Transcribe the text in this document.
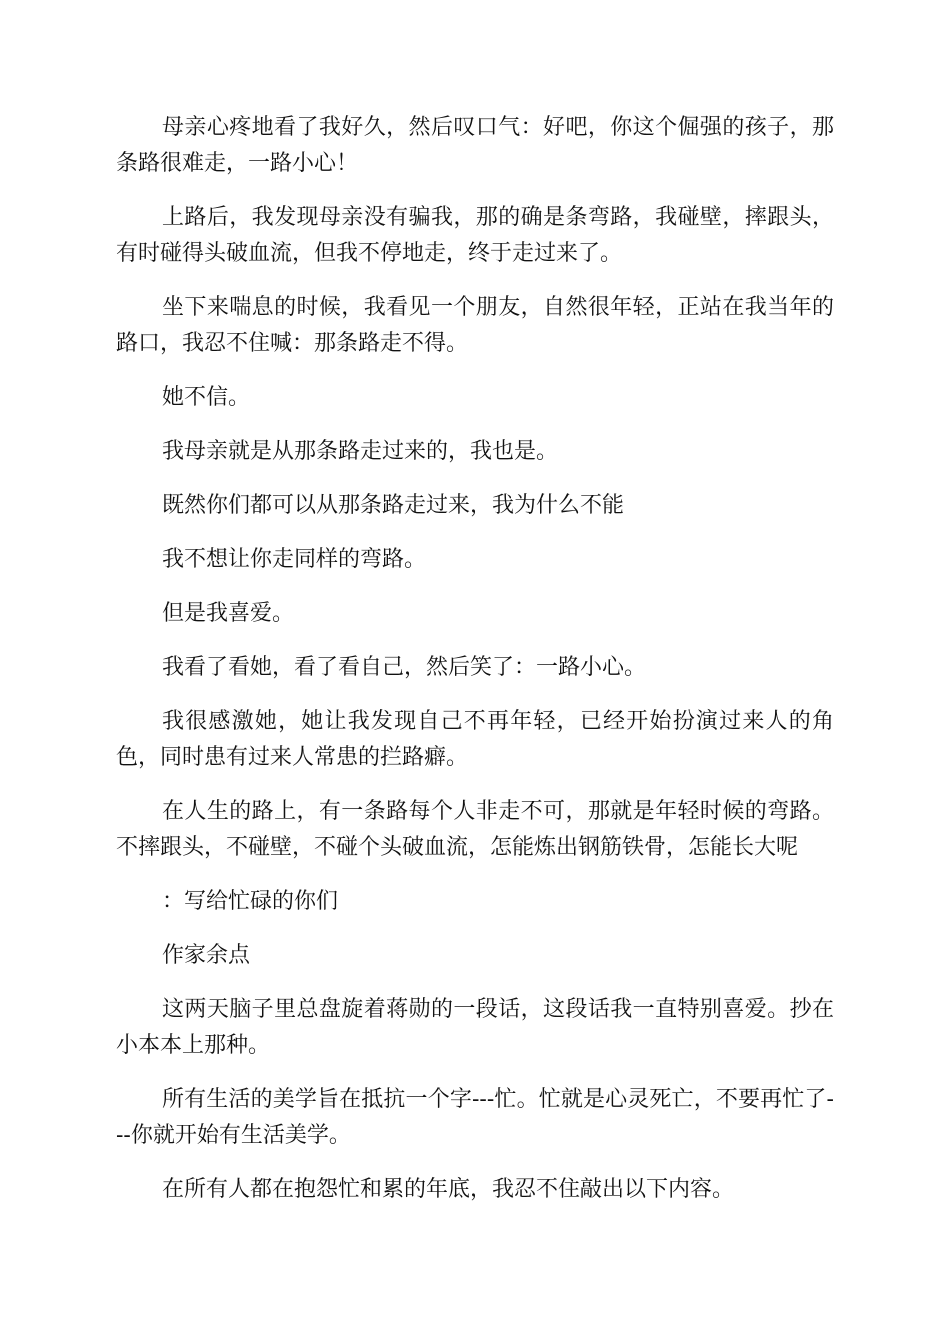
母亲心疼地看了我好久，然后叹口气：好吧，你这个倔强的孩子，那条路很难走，一路小心！

上路后，我发现母亲没有骗我，那的确是条弯路，我碰壁，摔跟头，有时碰得头破血流，但我不停地走，终于走过来了。

坐下来喘息的时候，我看见一个朋友，自然很年轻，正站在我当年的路口，我忍不住喊：那条路走不得。

她不信。

我母亲就是从那条路走过来的，我也是。

既然你们都可以从那条路走过来，我为什么不能

我不想让你走同样的弯路。

但是我喜爱。

我看了看她，看了看自己，然后笑了：一路小心。

我很感激她，她让我发现自己不再年轻，已经开始扮演过来人的角色，同时患有过来人常患的拦路癖。

在人生的路上，有一条路每个人非走不可，那就是年轻时候的弯路。不摔跟头，不碰壁，不碰个头破血流，怎能炼出钢筋铁骨，怎能长大呢

：写给忙碌的你们

作家余点

这两天脑子里总盘旋着蒋勋的一段话，这段话我一直特别喜爱。抄在小本本上那种。

所有生活的美学旨在抵抗一个字---忙。忙就是心灵死亡，不要再忙了---你就开始有生活美学。

在所有人都在抱怨忙和累的年底，我忍不住敲出以下内容。
